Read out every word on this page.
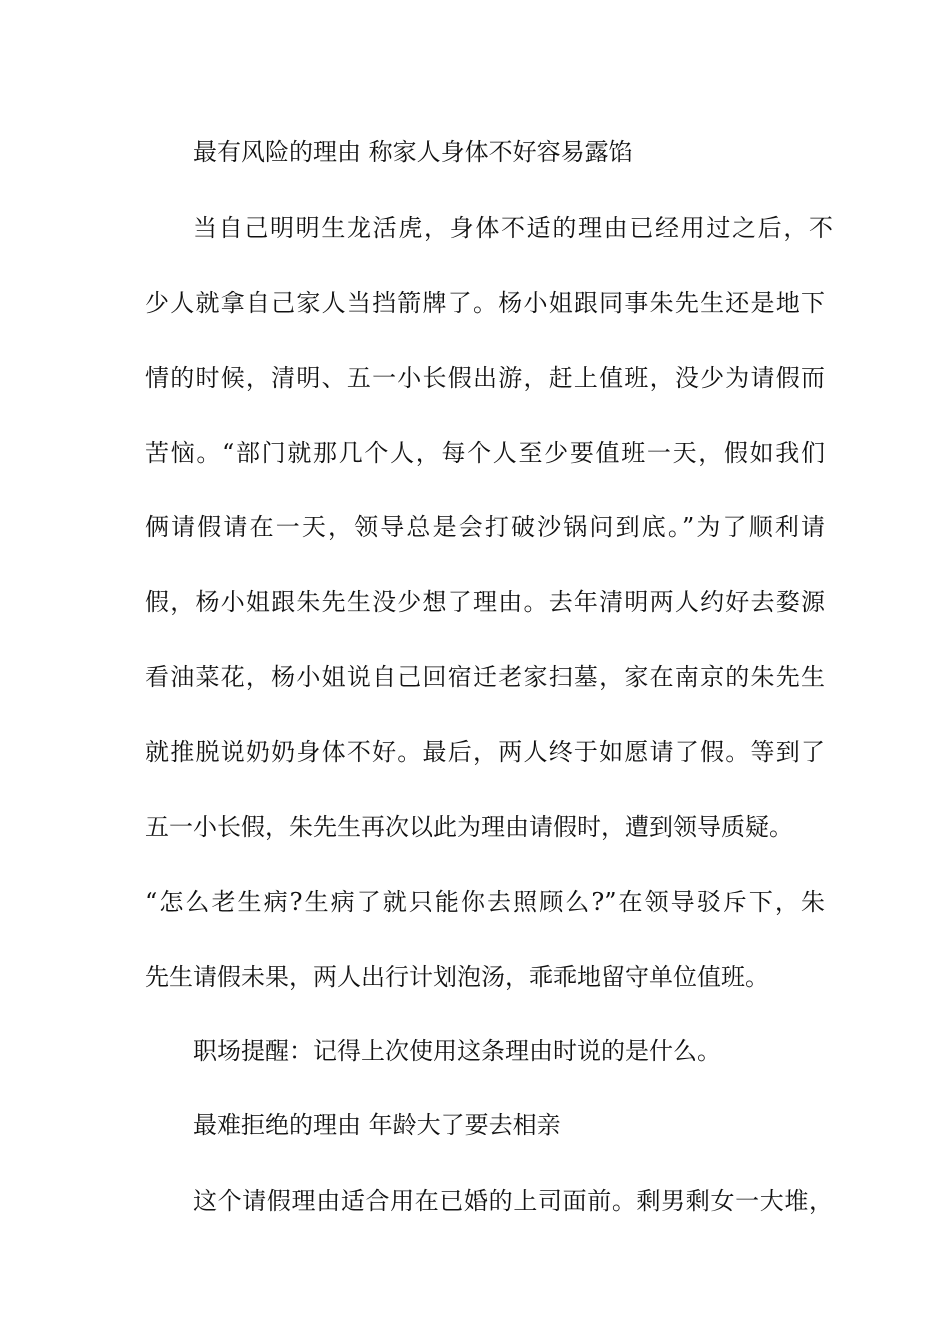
最有风险的理由 称家人身体不好容易露馅
当自己明明生龙活虎，身体不适的理由已经用过之后，不
少人就拿自己家人当挡箭牌了。杨小姐跟同事朱先生还是地下
情的时候，清明、五一小长假出游，赶上值班，没少为请假而
苦恼。“部门就那几个人，每个人至少要值班一天，假如我们
俩请假请在一天，领导总是会打破沙锅问到底。”为了顺利请
假，杨小姐跟朱先生没少想了理由。去年清明两人约好去婺源
看油菜花，杨小姐说自己回宿迁老家扫墓，家在南京的朱先生
就推脱说奶奶身体不好。最后，两人终于如愿请了假。等到了
五一小长假，朱先生再次以此为理由请假时，遭到领导质疑。
“怎么老生病?生病了就只能你去照顾么?”在领导驳斥下，朱
先生请假未果，两人出行计划泡汤，乖乖地留守单位值班。
职场提醒：记得上次使用这条理由时说的是什么。
最难拒绝的理由 年龄大了要去相亲
这个请假理由适合用在已婚的上司面前。剩男剩女一大堆，
